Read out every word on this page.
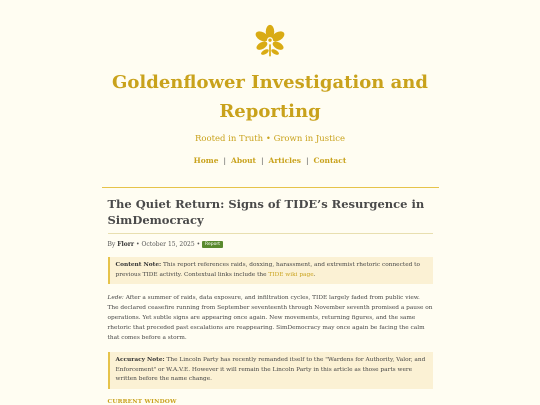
Goldenflower Investigation and Reporting
Rooted in Truth • Grown in Justice
Home | About | Articles | Contact
The Quiet Return: Signs of TIDE’s Resurgence in SimDemocracy
By Florr • October 15, 2025 • Report
Content Note: This report references raids, doxxing, harassment, and extremist rhetoric connected to previous TIDE activity. Contextual links include the TIDE wiki page.
Lede: After a summer of raids, data exposure, and infiltration cycles, TIDE largely faded from public view. The declared ceasefire running from September seventeenth through November seventh promised a pause on operations. Yet subtle signs are appearing once again. New movements, returning figures, and the same rhetoric that preceded past escalations are reappearing. SimDemocracy may once again be facing the calm that comes before a storm.
Accuracy Note: The Lincoln Party has recently remanded itself to the "Wardens for Authority, Valor, and Enforcement" or W.A.V.E. However it will remain the Lincoln Party in this article as those parts were written before the name change.
CURRENT WINDOW
